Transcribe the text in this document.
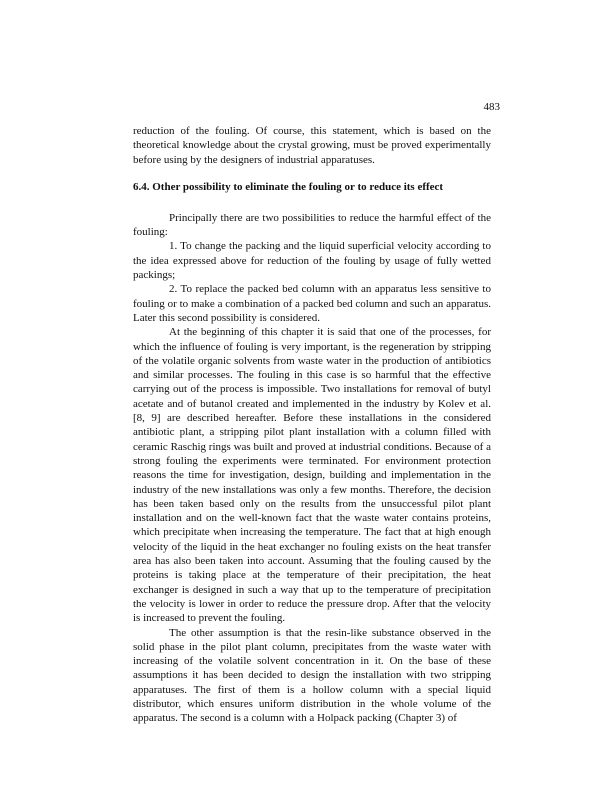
483

reduction of the fouling. Of course, this statement, which is based on the theoretical knowledge about the crystal growing, must be proved experimentally before using by the designers of industrial apparatuses.

6.4. Other possibility to eliminate the fouling or to reduce its effect

Principally there are two possibilities to reduce the harmful effect of the fouling:

1. To change the packing and the liquid superficial velocity according to the idea expressed above for reduction of the fouling by usage of fully wetted packings;

2. To replace the packed bed column with an apparatus less sensitive to fouling or to make a combination of a packed bed column and such an apparatus. Later this second possibility is considered.

At the beginning of this chapter it is said that one of the processes, for which the influence of fouling is very important, is the regeneration by stripping of the volatile organic solvents from waste water in the production of antibiotics and similar processes. The fouling in this case is so harmful that the effective carrying out of the process is impossible. Two installations for removal of butyl acetate and of butanol created and implemented in the industry by Kolev et al. [8, 9] are described hereafter. Before these installations in the considered antibiotic plant, a stripping pilot plant installation with a column filled with ceramic Raschig rings was built and proved at industrial conditions. Because of a strong fouling the experiments were terminated. For environment protection reasons the time for investigation, design, building and implementation in the industry of the new installations was only a few months. Therefore, the decision has been taken based only on the results from the unsuccessful pilot plant installation and on the well-known fact that the waste water contains proteins, which precipitate when increasing the temperature. The fact that at high enough velocity of the liquid in the heat exchanger no fouling exists on the heat transfer area has also been taken into account. Assuming that the fouling caused by the proteins is taking place at the temperature of their precipitation, the heat exchanger is designed in such a way that up to the temperature of precipitation the velocity is lower in order to reduce the pressure drop. After that the velocity is increased to prevent the fouling.

The other assumption is that the resin-like substance observed in the solid phase in the pilot plant column, precipitates from the waste water with increasing of the volatile solvent concentration in it. On the base of these assumptions it has been decided to design the installation with two stripping apparatuses. The first of them is a hollow column with a special liquid distributor, which ensures uniform distribution in the whole volume of the apparatus. The second is a column with a Holpack packing (Chapter 3) of
